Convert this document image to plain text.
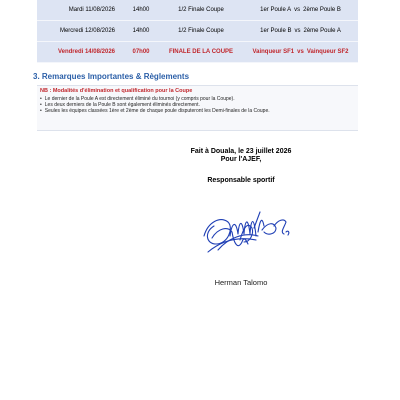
Mardi 11/08/2026	14h00	1/2 Finale Coupe	1er Poule A vs 2ème Poule B
Mercredi 12/08/2026	14h00	1/2 Finale Coupe	1er Poule B vs 2ème Poule A
Vendredi 14/08/2026	07h00	FINALE DE LA COUPE	Vainqueur SF1 vs Vainqueur SF2
3. Remarques Importantes & Règlements

NB : Modalités d'élimination et qualification pour la Coupe

• Le dernier de la Poule A est directement éliminé du tournoi (y compris pour la Coupe).
• Les deux derniers de la Poule B sont également éliminés directement.
• Seules les équipes classées 1ère et 2ème de chaque poule disputeront les Demi-finales de la Coupe.

Fait à Douala, le 23 juillet 2026

Pour l'AJEF,

Responsable sportif

Herman Talomo
